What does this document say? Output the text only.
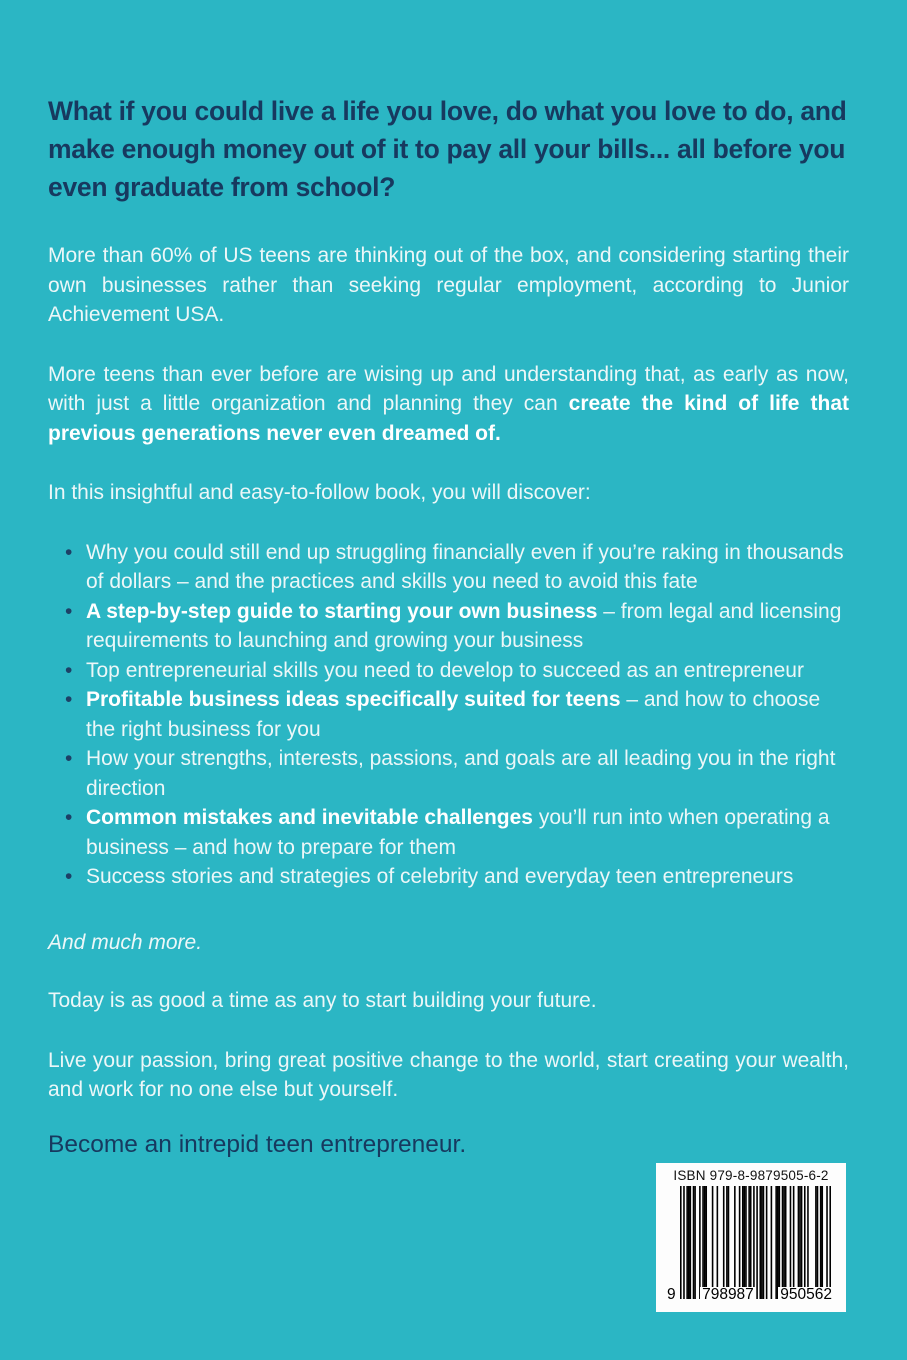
What if you could live a life you love, do what you love to do, and make enough money out of it to pay all your bills... all before you even graduate from school?

More than 60% of US teens are thinking out of the box, and considering starting their own businesses rather than seeking regular employment, according to Junior Achievement USA.

More teens than ever before are wising up and understanding that, as early as now, with just a little organization and planning they can create the kind of life that previous generations never even dreamed of.

In this insightful and easy-to-follow book, you will discover:

• Why you could still end up struggling financially even if you’re raking in thousands of dollars – and the practices and skills you need to avoid this fate
• A step-by-step guide to starting your own business – from legal and licensing requirements to launching and growing your business
• Top entrepreneurial skills you need to develop to succeed as an entrepreneur
• Profitable business ideas specifically suited for teens – and how to choose the right business for you
• How your strengths, interests, passions, and goals are all leading you in the right direction
• Common mistakes and inevitable challenges you’ll run into when operating a business – and how to prepare for them
• Success stories and strategies of celebrity and everyday teen entrepreneurs

And much more.

Today is as good a time as any to start building your future.

Live your passion, bring great positive change to the world, start creating your wealth, and work for no one else but yourself.

Become an intrepid teen entrepreneur.

ISBN 979-8-9879505-6-2
9 798987 950562
